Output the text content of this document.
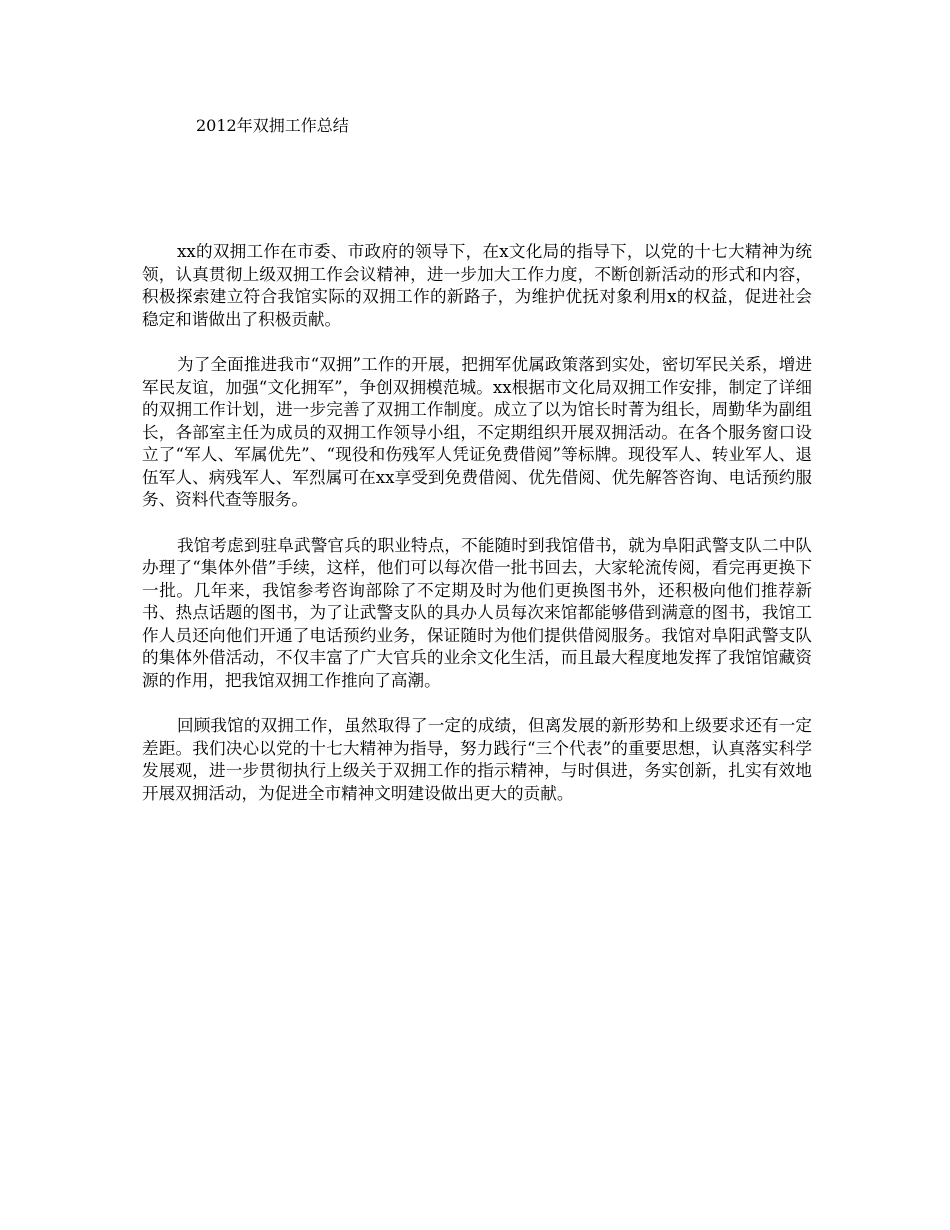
2012年双拥工作总结

xx的双拥工作在市委、市政府的领导下，在x文化局的指导下，以党的十七大精神为统领，认真贯彻上级双拥工作会议精神，进一步加大工作力度，不断创新活动的形式和内容，积极探索建立符合我馆实际的双拥工作的新路子，为维护优抚对象利用x的权益，促进社会稳定和谐做出了积极贡献。

为了全面推进我市“双拥”工作的开展，把拥军优属政策落到实处，密切军民关系，增进军民友谊，加强“文化拥军”，争创双拥模范城。xx根据市文化局双拥工作安排，制定了详细的双拥工作计划，进一步完善了双拥工作制度。成立了以为馆长时菁为组长，周勤华为副组长，各部室主任为成员的双拥工作领导小组，不定期组织开展双拥活动。在各个服务窗口设立了“军人、军属优先”、“现役和伤残军人凭证免费借阅”等标牌。现役军人、转业军人、退伍军人、病残军人、军烈属可在xx享受到免费借阅、优先借阅、优先解答咨询、电话预约服务、资料代查等服务。

我馆考虑到驻阜武警官兵的职业特点，不能随时到我馆借书，就为阜阳武警支队二中队办理了“集体外借”手续，这样，他们可以每次借一批书回去，大家轮流传阅，看完再更换下一批。几年来，我馆参考咨询部除了不定期及时为他们更换图书外，还积极向他们推荐新书、热点话题的图书，为了让武警支队的具办人员每次来馆都能够借到满意的图书，我馆工作人员还向他们开通了电话预约业务，保证随时为他们提供借阅服务。我馆对阜阳武警支队的集体外借活动，不仅丰富了广大官兵的业余文化生活，而且最大程度地发挥了我馆馆藏资源的作用，把我馆双拥工作推向了高潮。

回顾我馆的双拥工作，虽然取得了一定的成绩，但离发展的新形势和上级要求还有一定差距。我们决心以党的十七大精神为指导，努力践行“三个代表”的重要思想，认真落实科学发展观，进一步贯彻执行上级关于双拥工作的指示精神，与时俱进，务实创新，扎实有效地开展双拥活动，为促进全市精神文明建设做出更大的贡献。
